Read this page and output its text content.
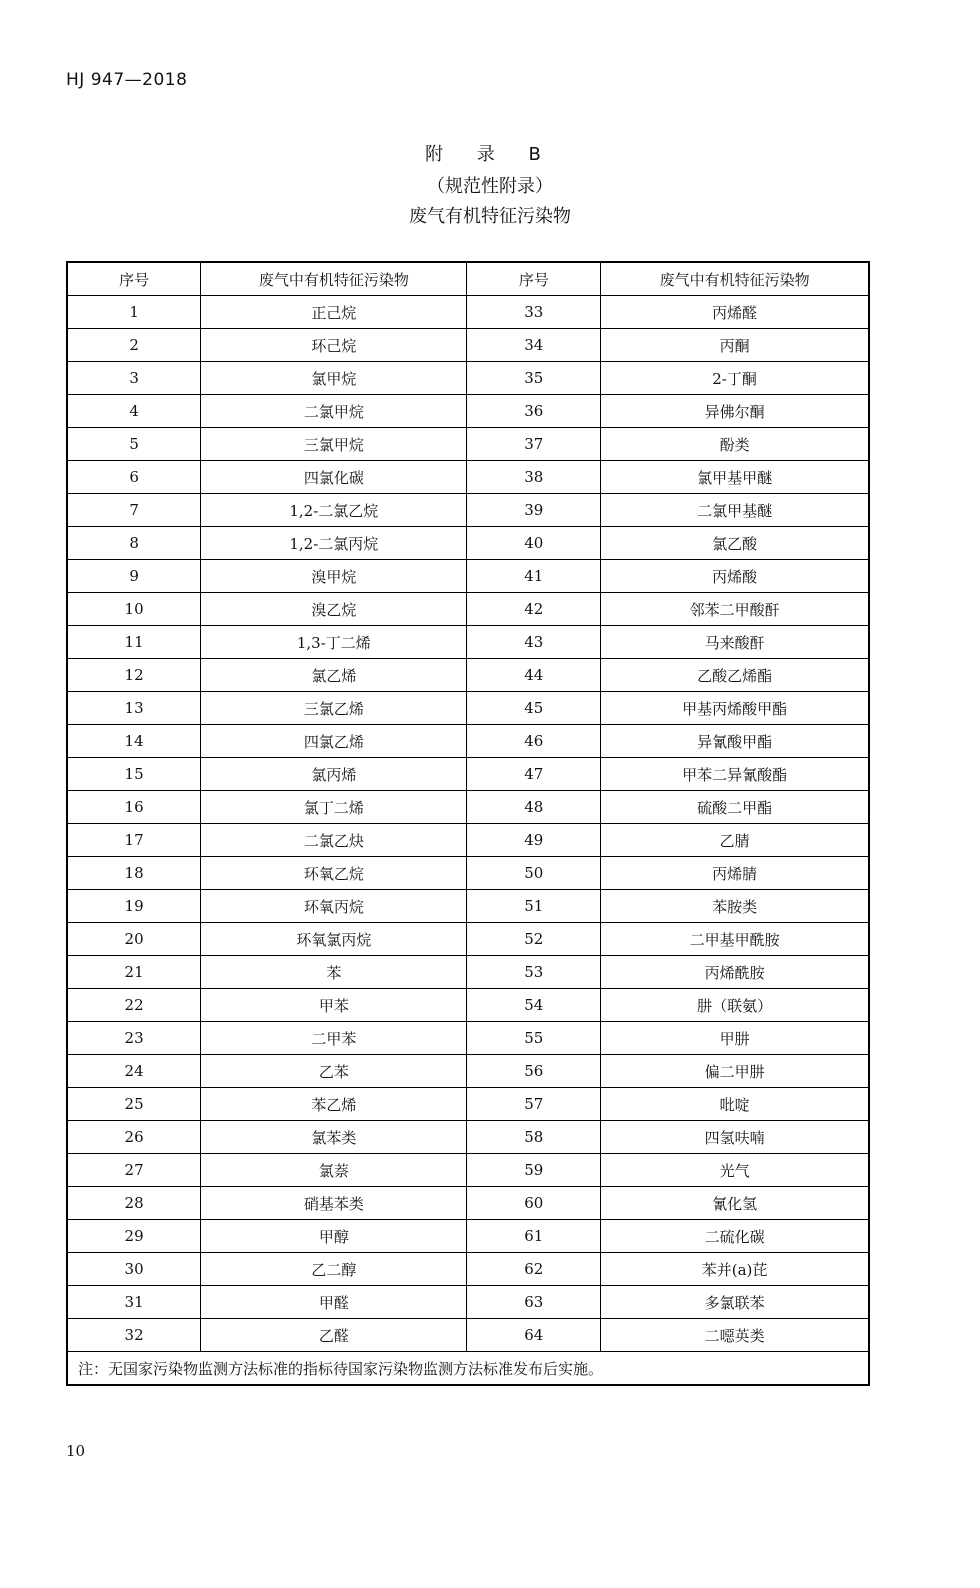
HJ 947—2018
附 录 B
（规范性附录）
废气有机特征污染物
序号	废气中有机特征污染物	序号	废气中有机特征污染物
1	正己烷	33	丙烯醛
2	环己烷	34	丙酮
3	氯甲烷	35	2-丁酮
4	二氯甲烷	36	异佛尔酮
5	三氯甲烷	37	酚类
6	四氯化碳	38	氯甲基甲醚
7	1,2-二氯乙烷	39	二氯甲基醚
8	1,2-二氯丙烷	40	氯乙酸
9	溴甲烷	41	丙烯酸
10	溴乙烷	42	邻苯二甲酸酐
11	1,3-丁二烯	43	马来酸酐
12	氯乙烯	44	乙酸乙烯酯
13	三氯乙烯	45	甲基丙烯酸甲酯
14	四氯乙烯	46	异氰酸甲酯
15	氯丙烯	47	甲苯二异氰酸酯
16	氯丁二烯	48	硫酸二甲酯
17	二氯乙炔	49	乙腈
18	环氧乙烷	50	丙烯腈
19	环氧丙烷	51	苯胺类
20	环氧氯丙烷	52	二甲基甲酰胺
21	苯	53	丙烯酰胺
22	甲苯	54	肼（联氨）
23	二甲苯	55	甲肼
24	乙苯	56	偏二甲肼
25	苯乙烯	57	吡啶
26	氯苯类	58	四氢呋喃
27	氯萘	59	光气
28	硝基苯类	60	氰化氢
29	甲醇	61	二硫化碳
30	乙二醇	62	苯并(a)芘
31	甲醛	63	多氯联苯
32	乙醛	64	二噁英类
注：无国家污染物监测方法标准的指标待国家污染物监测方法标准发布后实施。			
10
